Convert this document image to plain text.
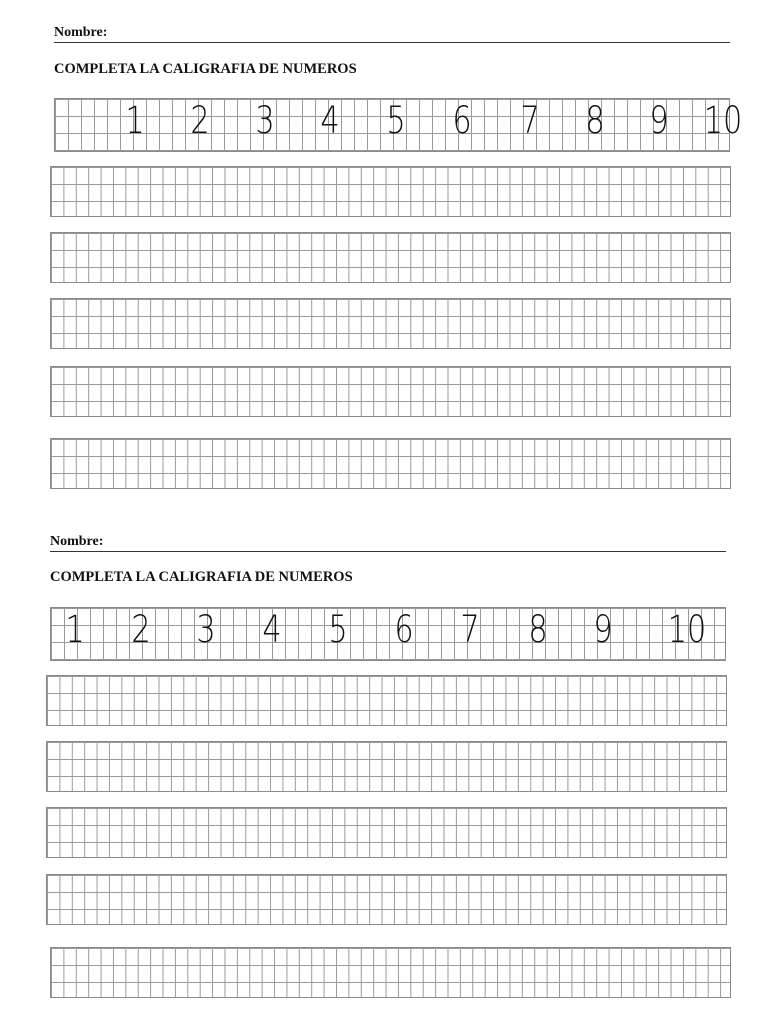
Nombre:
COMPLETA LA CALIGRAFIA DE NUMEROS
1 2 3 4 5 6 7 8 9 10
Nombre:
COMPLETA LA CALIGRAFIA DE NUMEROS
1 2 3 4 5 6 7 8 9 10
